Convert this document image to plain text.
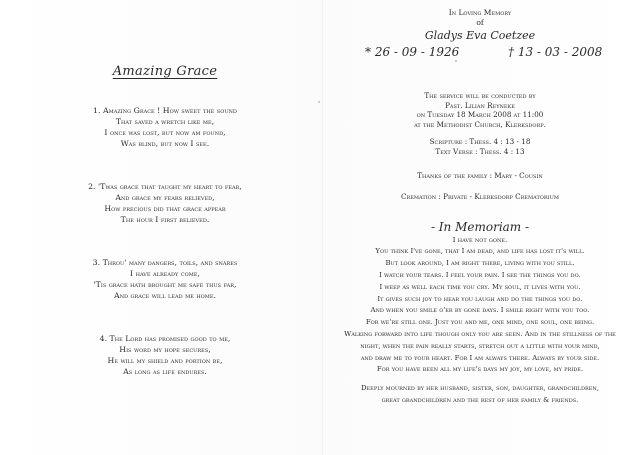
Amazing Grace
1. Amazing Grace ! How sweet the sound
That saved a wretch like me,
I once was lost, but now am found,
Was blind, but now I see.
2. 'Twas grace that taught my heart to fear,
And grace my fears relieved,
How precious did that grace appear
The hour I first believed.
3. Throu' many dangers, toils, and snares
I have already come,
'Tis grace hath brought me safe thus far,
And grace will lead me home.
4. The Lord has promised good to me,
His word my hope secures,
He will my shield and portion be,
As long as life endures.
In Loving Memory
of
Gladys Eva Coetzee
* 26 - 09 - 1926	† 13 - 03 - 2008
The service will be conducted by
Past. Lilian Reyneke
on Tuesday 18 March 2008 at 11:00
at the Methodist Church, Klerksdorp.
Scripture : Thess. 4 : 13 - 18
Text Verse : Thess. 4 : 13
Thanks of the family : Mary - Cousin
Cremation : Private - Klerksdorp Crematorium
- In Memoriam -
I have not gone.
You think I've gone, that I am dead, and life has lost it's will.
But look around, I am right there, living with you still.
I watch your tears. I feel your pain. I see the things you do.
I weep as well each time you cry. My soul, it lives with you.
It gives such joy to hear you laugh and do the things you do.
And when you smile o'er by gone days. I smile right with you too.
For we're still one. Just you and me, one mind, one soul, one being.
Walking forward into life though only you are seen. And in the stillness of the
night, when the pain really starts, stretch out a little with your mind,
and draw me to your heart. For I am always there. Always by your side.
For you have been all my life's days my joy, my love, my pride.
Deeply mourned by her husband, sister, son, daughter, grandchildren,
great grandchildren and the rest of her family & friends.
